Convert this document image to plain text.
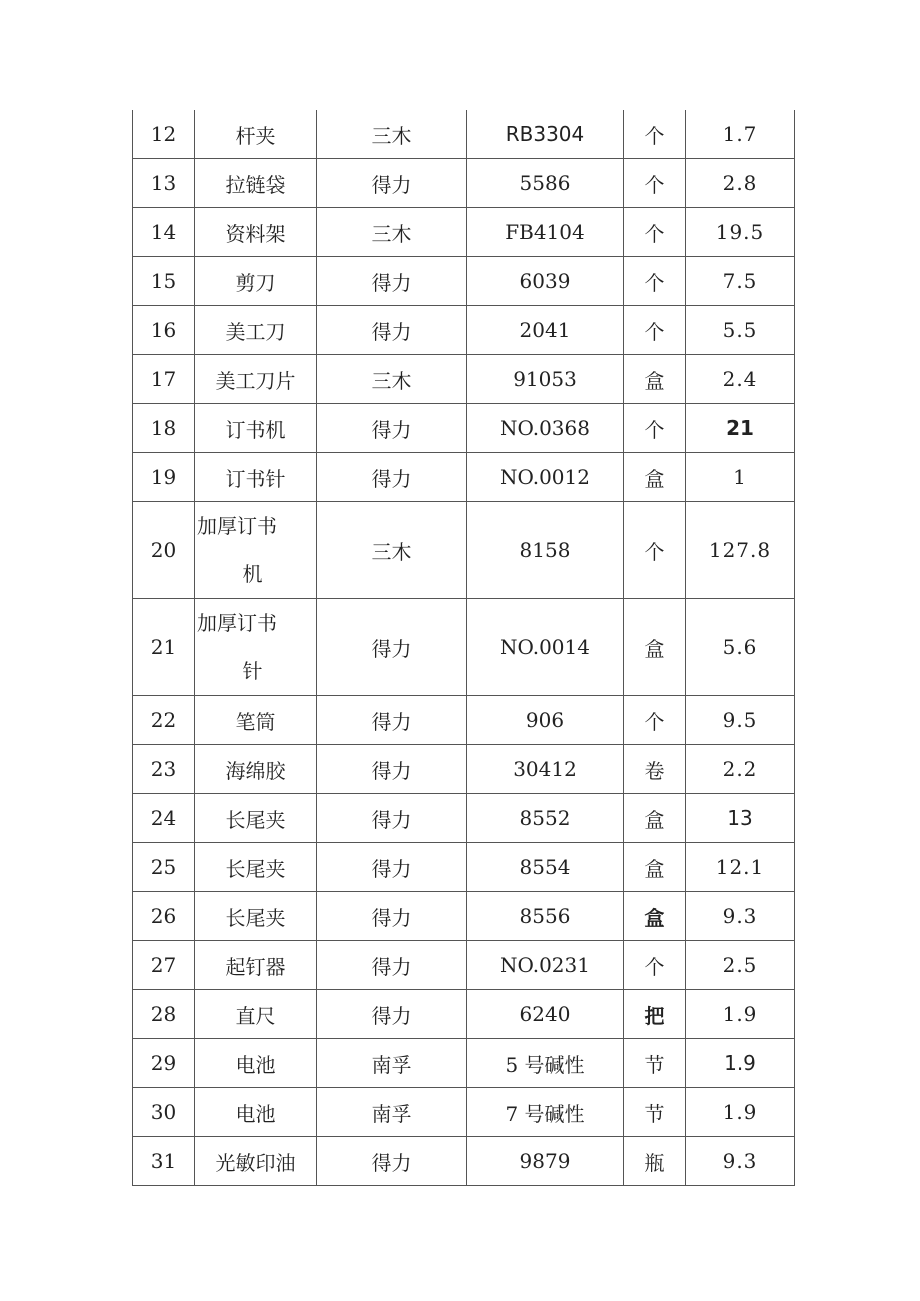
12	杆夹	三木	RB3304	个	1.7
13	拉链袋	得力	5586	个	2.8
14	资料架	三木	FB4104	个	19.5
15	剪刀	得力	6039	个	7.5
16	美工刀	得力	2041	个	5.5
17	美工刀片	三木	91053	盒	2.4
18	订书机	得力	NO.0368	个	21
19	订书针	得力	NO.0012	盒	1
20	加厚订书
机	三木	8158	个	127.8
21	加厚订书
针	得力	NO.0014	盒	5.6
22	笔筒	得力	906	个	9.5
23	海绵胶	得力	30412	卷	2.2
24	长尾夹	得力	8552	盒	13
25	长尾夹	得力	8554	盒	12.1
26	长尾夹	得力	8556	盒	9.3
27	起钉器	得力	NO.0231	个	2.5
28	直尺	得力	6240	把	1.9
29	电池	南孚	5 号碱性	节	1.9
30	电池	南孚	7 号碱性	节	1.9
31	光敏印油	得力	9879	瓶	9.3
